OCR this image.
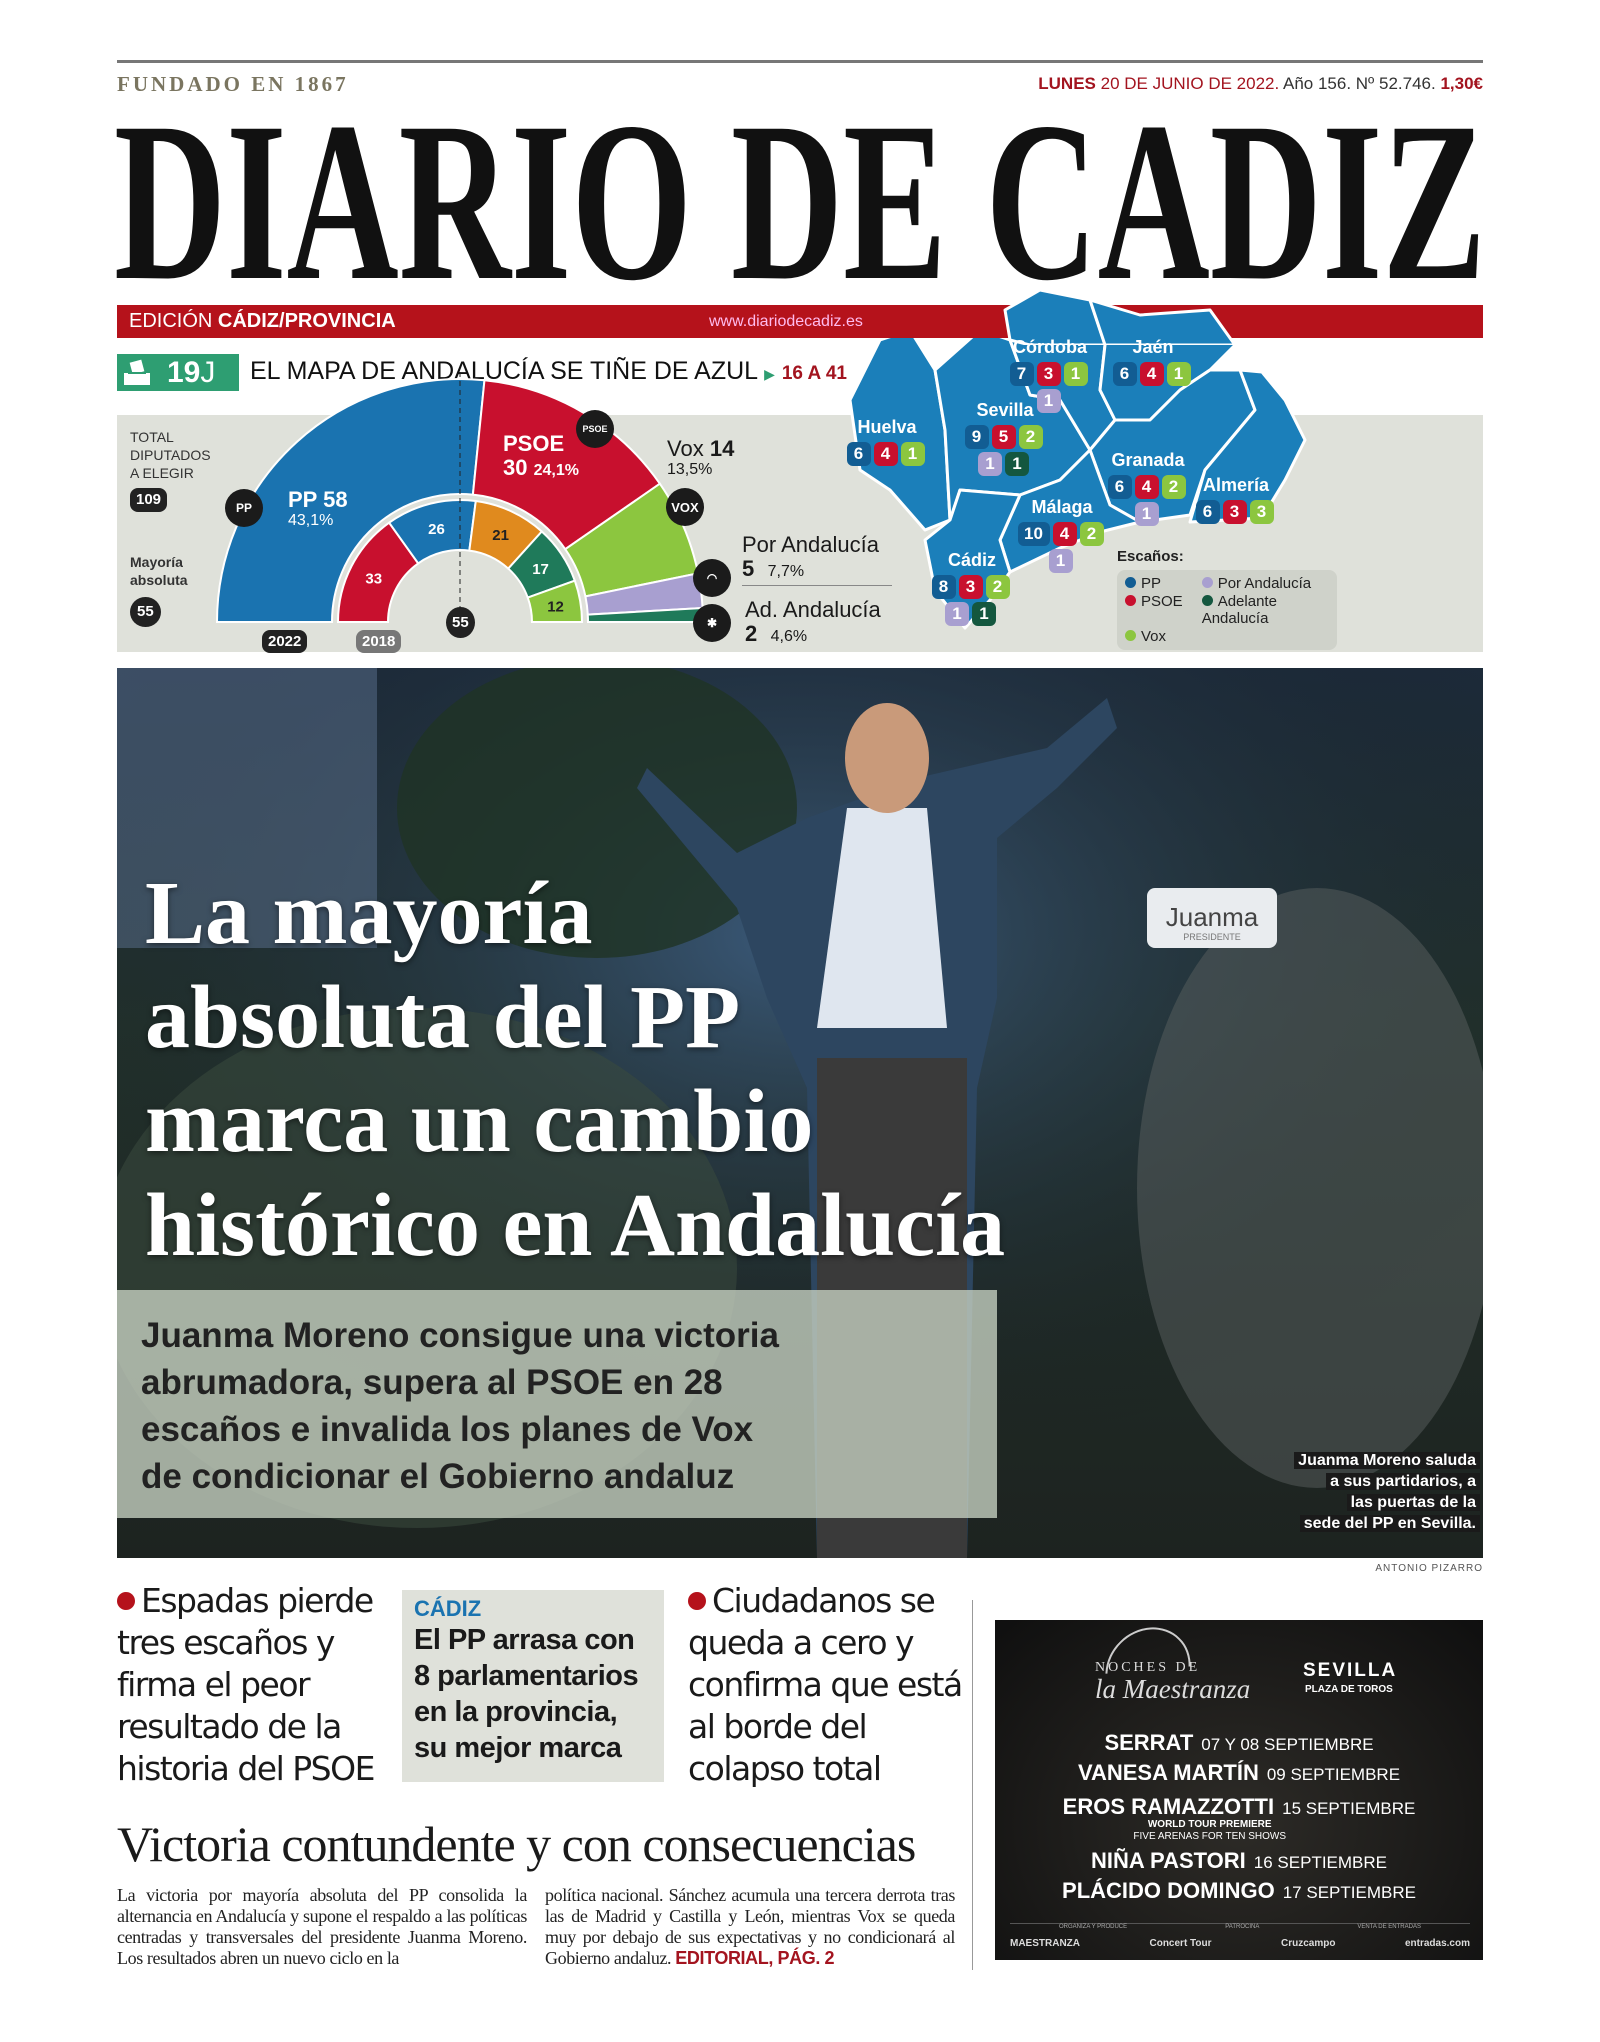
FUNDADO EN 1867	LUNES 20 DE JUNIO DE 2022. Año 156. Nº 52.746. 1,30€
DIARIO DE CADIZ
EDICIÓN CÁDIZ/PROVINCIA	www.diariodecadiz.es
19J	EL MAPA DE ANDALUCÍA SE TIÑE DE AZUL ▶ 16 A 41
TOTAL
DIPUTADOS
A ELEGIR
109
Mayoría
absoluta
55
33
26	21
17
12
PP	PP 58
43,1%
PSOE
PSOE
30 24,1%
Vox 14
13,5%
VOX
◠
Por Andalucía
5 7,7%
✱
Ad. Andalucía
2 4,6%
2022	2018
55
Córdoba
7 3 1
1
Jaén
6 4 1
Sevilla
9 5 2
1 1
Huelva
6 4 1	Granada
6 4 2
1
Almería
6 3 3
Málaga
10 4 2
1
Cádiz
8 3 2
1 1
Escaños:
PP	Por Andalucía
PSOE	Adelante Andalucía
Vox
Juanma
PRESIDENTE
La mayoría
absoluta del PP
marca un cambio
histórico en Andalucía
Juanma Moreno consigue una victoria
abrumadora, supera al PSOE en 28
escaños e invalida los planes de Vox
de condicionar el Gobierno andaluz	Juanma Moreno saluda
a sus partidarios, a
las puertas de la
sede del PP en Sevilla.
ANTONIO PIZARRO
Espadas pierde tres escaños y firma el peor resultado de la historia del PSOE
CÁDIZ
El PP arrasa con 8 parlamentarios en la provincia, su mejor marca
Ciudadanos se queda a cero y confirma que está al borde del colapso total
Victoria contundente y con consecuencias
La victoria por mayoría absoluta del PP consolida la alternancia en Andalucía y supone el respaldo a las políticas centradas y transversales del presidente Juanma Moreno. Los resultados abren un nuevo ciclo en la
política nacional. Sánchez acumula una tercera derrota tras las de Madrid y Castilla y León, mientras Vox se queda muy por debajo de sus expectativas y no condicionará al Gobierno andaluz. EDITORIAL, PÁG. 2
NOCHES DE
la Maestranza
SEVILLA
PLAZA DE TOROS
SERRAT 07 Y 08 SEPTIEMBRE
VANESA MARTÍN 09 SEPTIEMBRE
EROS RAMAZZOTTI 15 SEPTIEMBRE
WORLD TOUR PREMIERE
FIVE ARENAS FOR TEN SHOWS
NIÑA PASTORI 16 SEPTIEMBRE
PLÁCIDO DOMINGO 17 SEPTIEMBRE
ORGANIZA Y PRODUCE	PATROCINA	VENTA DE ENTRADAS
MAESTRANZA	Concert Tour	Cruzcampo	entradas.com
